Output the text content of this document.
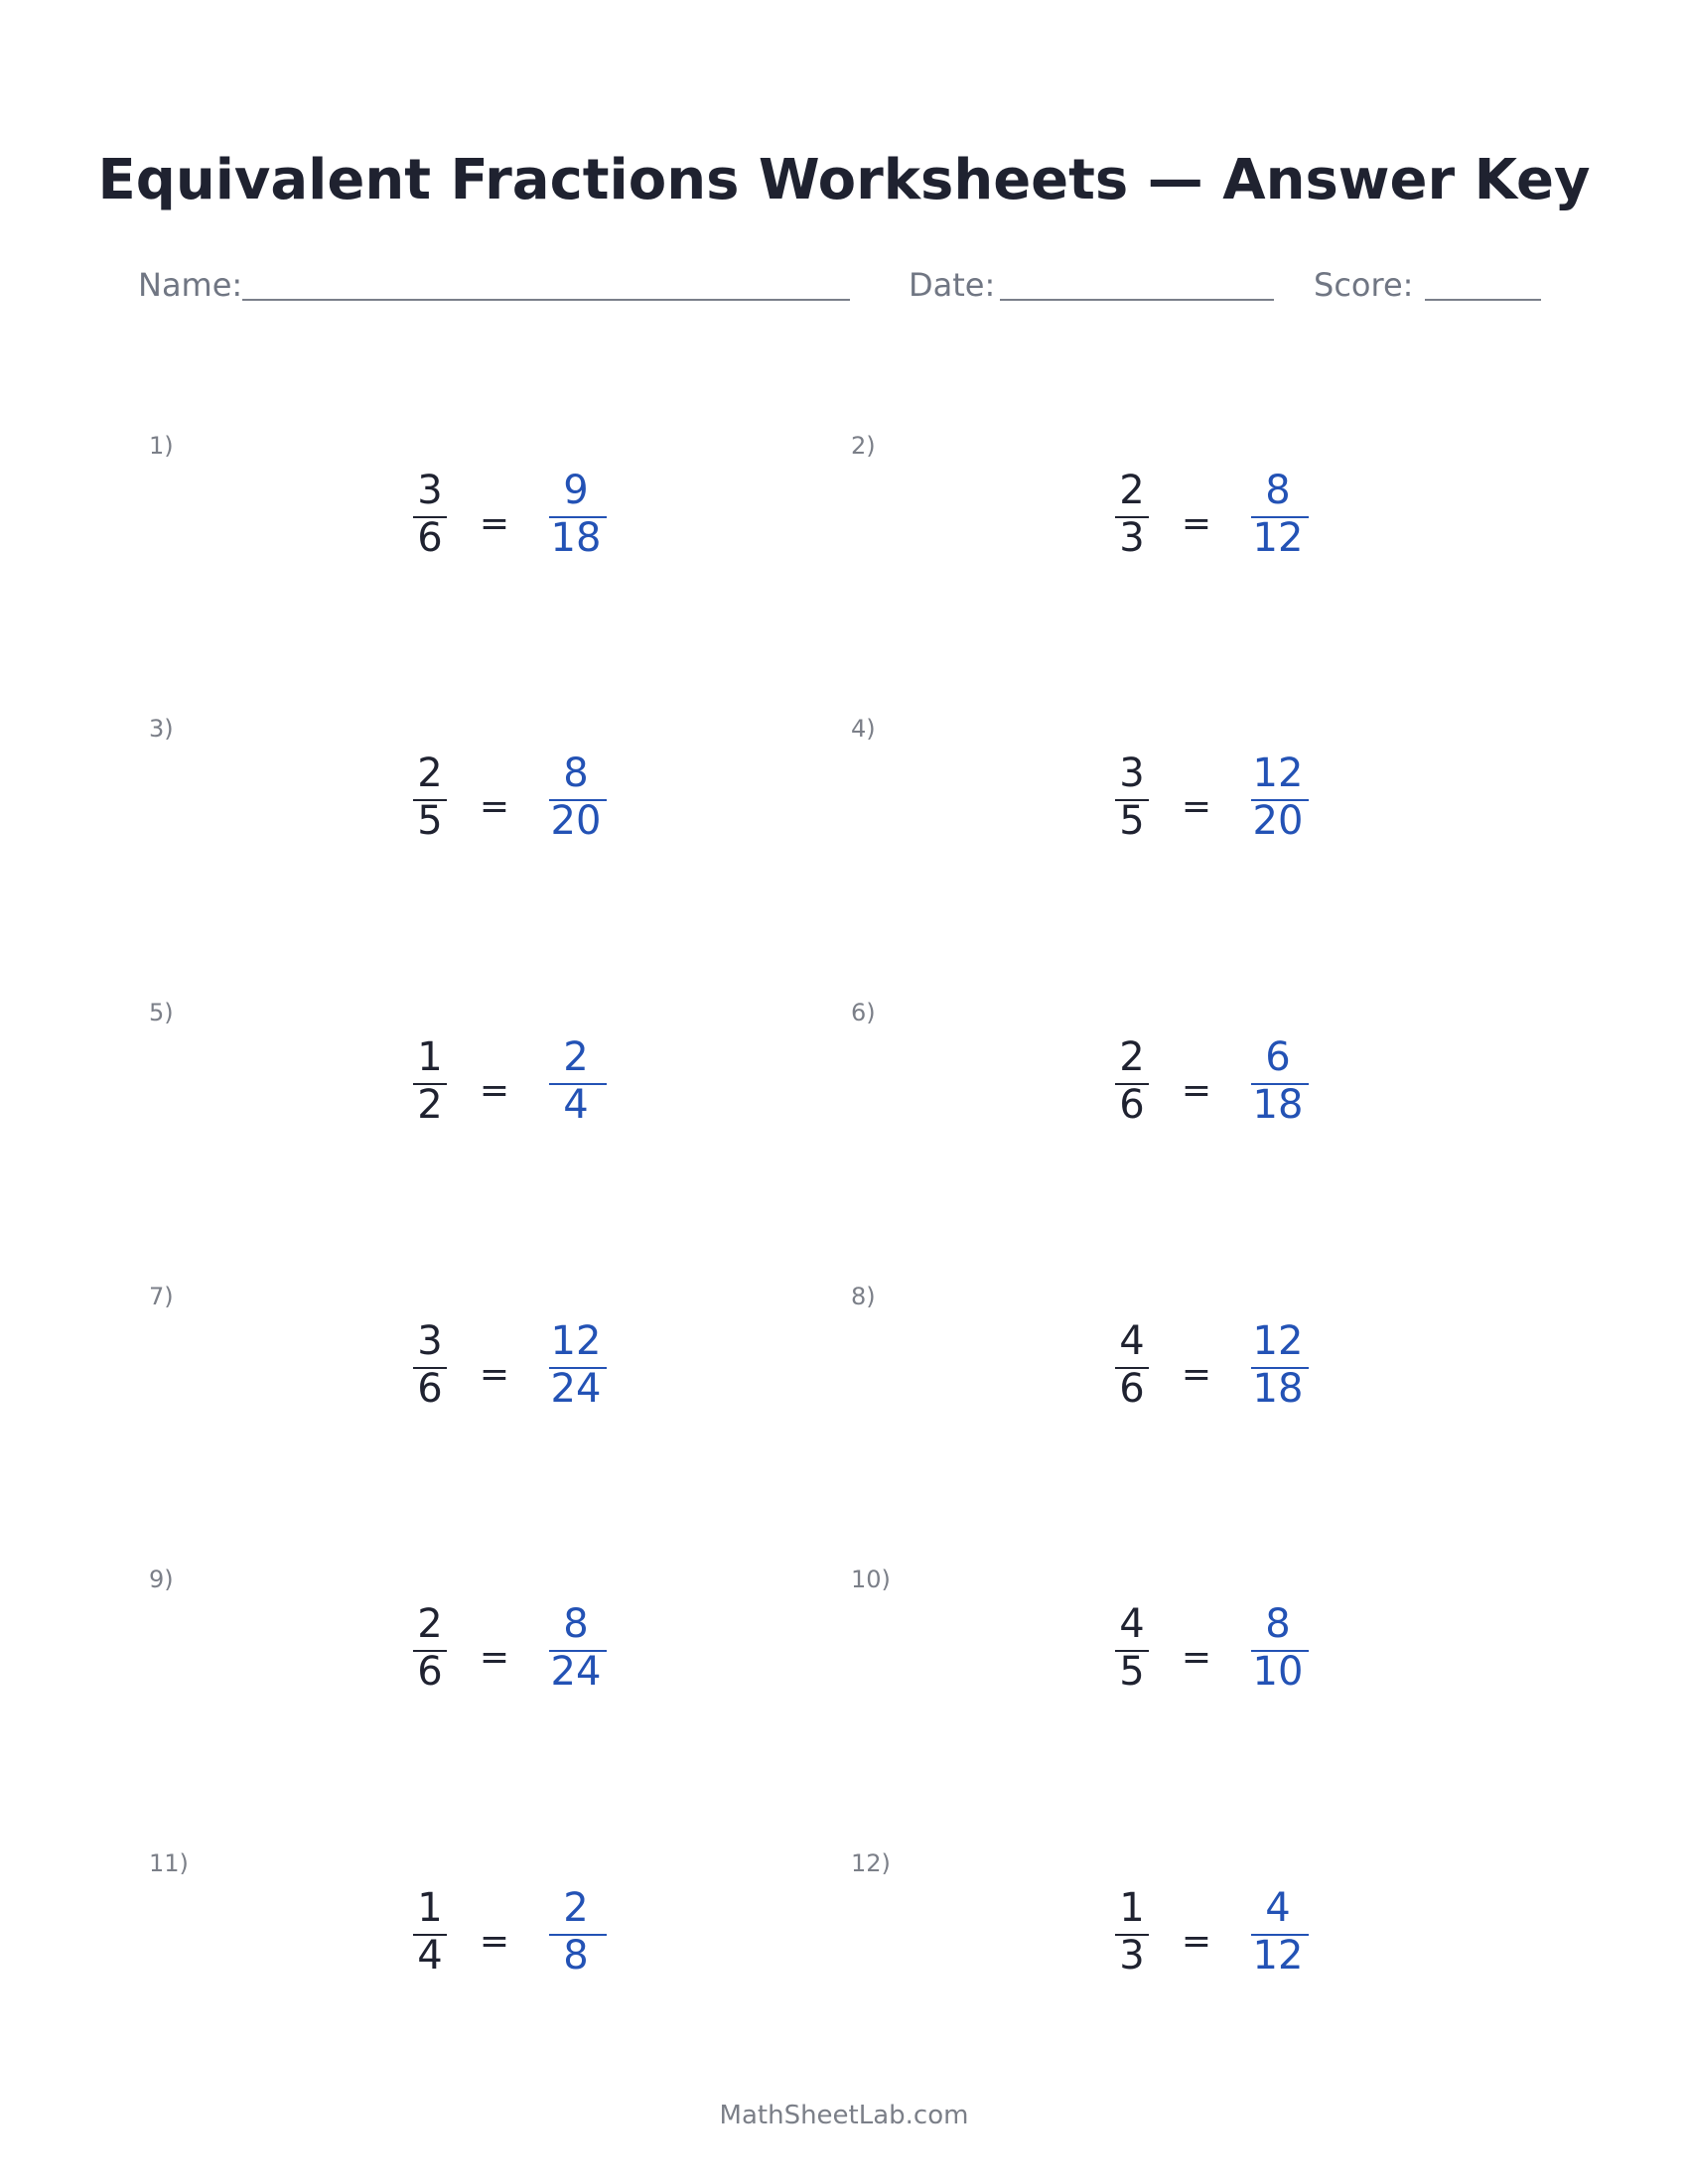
Equivalent Fractions Worksheets — Answer Key
Name:	Date:	Score:
1)
3
6	=
9
18
2)
2
3	=
8
12
3)
2
5	=
8
20
4)
3
5	=
12
20
5)
1
2	=
2
4
6)
2
6	=
6
18
7)
3
6	=
12
24
8)
4
6	=
12
18
9)
2
6	=
8
24
10)
4
5	=
8
10
11)
1
4	=
2
8
12)
1
3	=
4
12
MathSheetLab.com
